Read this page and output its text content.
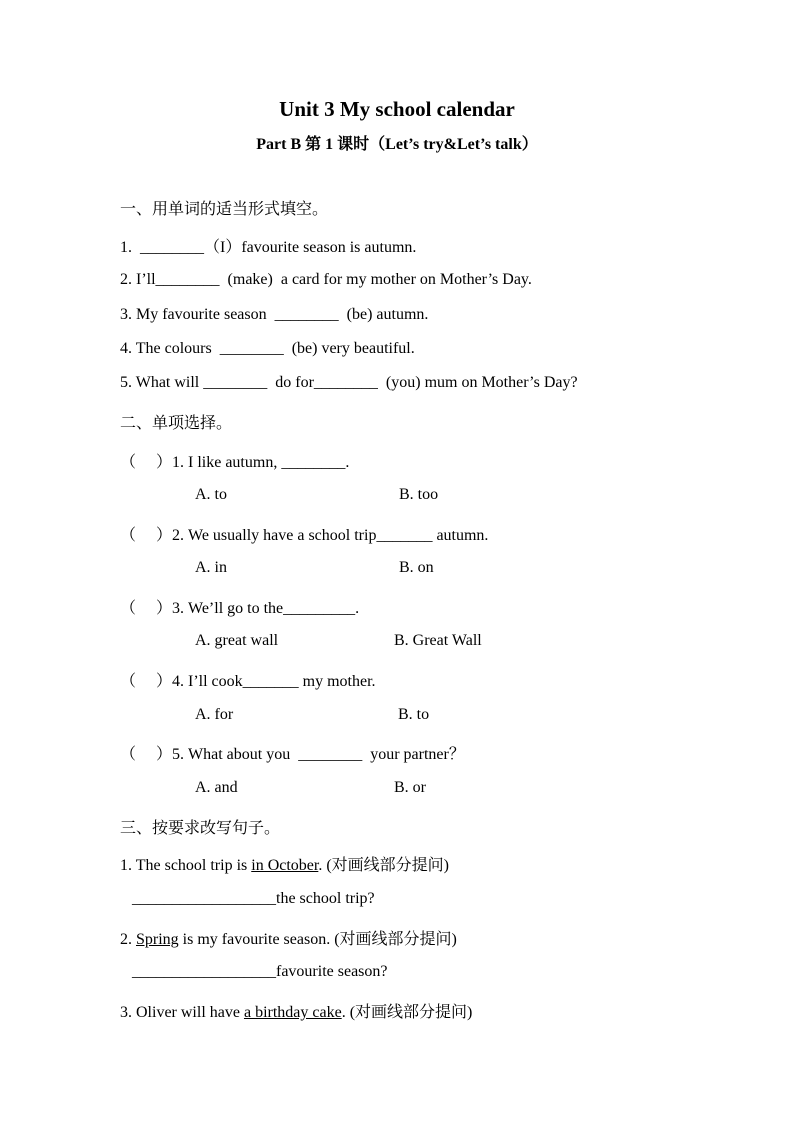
Unit 3 My school calendar
Part B 第 1 课时（Let’s try&Let’s talk）
一、用单词的适当形式填空。
1.  ________（I）favourite season is autumn.
2. I’ll________  (make)  a card for my mother on Mother’s Day.
3. My favourite season  ________  (be) autumn.
4. The colours  ________  (be) very beautiful.
5. What will ________  do for________  (you) mum on Mother’s Day?
二、单项选择。
（     ）1. I like autumn, ________.
A. to	B. too
（     ）2. We usually have a school trip_______ autumn.
A. in	B. on
（     ）3. We’ll go to the_________.
A. great wall	B. Great Wall
（     ）4. I’ll cook_______ my mother.
A. for	B. to
（     ）5. What about you  ________  your partner？
A. and	B. or
三、按要求改写句子。
1. The school trip is in October. (对画线部分提问)
__________________the school trip?
2. Spring is my favourite season. (对画线部分提问)
__________________favourite season?
3. Oliver will have a birthday cake. (对画线部分提问)
